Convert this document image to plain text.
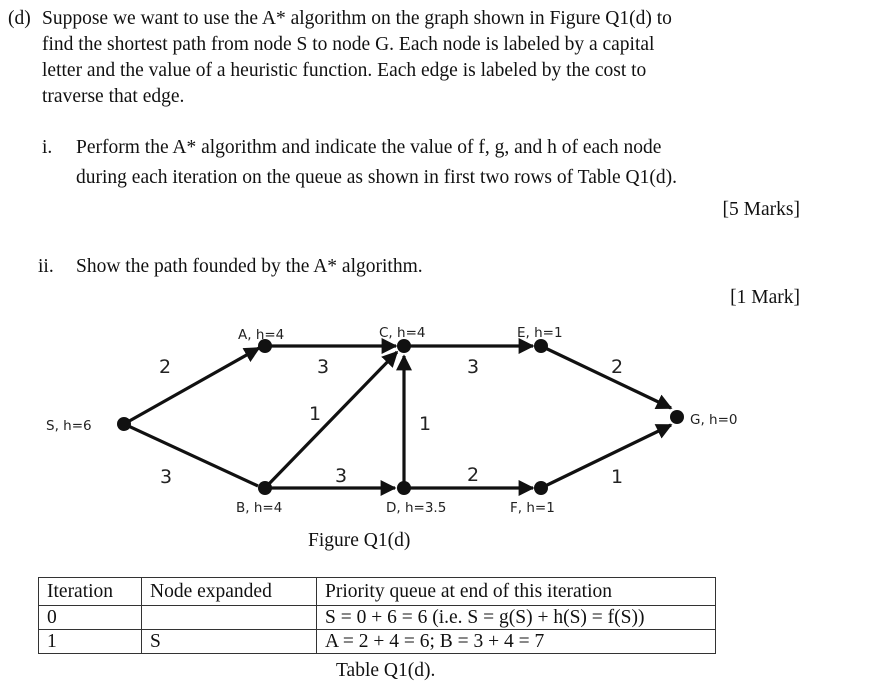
(d) Suppose we want to use the A* algorithm on the graph shown in Figure Q1(d) to
find the shortest path from node S to node G. Each node is labeled by a capital
letter and the value of a heuristic function. Each edge is labeled by the cost to
traverse that edge.
i. Perform the A* algorithm and indicate the value of f, g, and h of each node
during each iteration on the queue as shown in first two rows of Table Q1(d).
[5 Marks]
ii. Show the path founded by the A* algorithm.
[1 Mark]
S, h=6
A, h=4
B, h=4
C, h=4
D, h=3.5
E, h=1
F, h=1
G, h=0
2
3
3
1
3
1
3
2
2
1
Figure Q1(d)
Iteration	Node expanded	Priority queue at end of this iteration
0		S = 0 + 6 = 6 (i.e. S = g(S) + h(S) = f(S))
1	S	A = 2 + 4 = 6; B = 3 + 4 = 7
Table Q1(d).
